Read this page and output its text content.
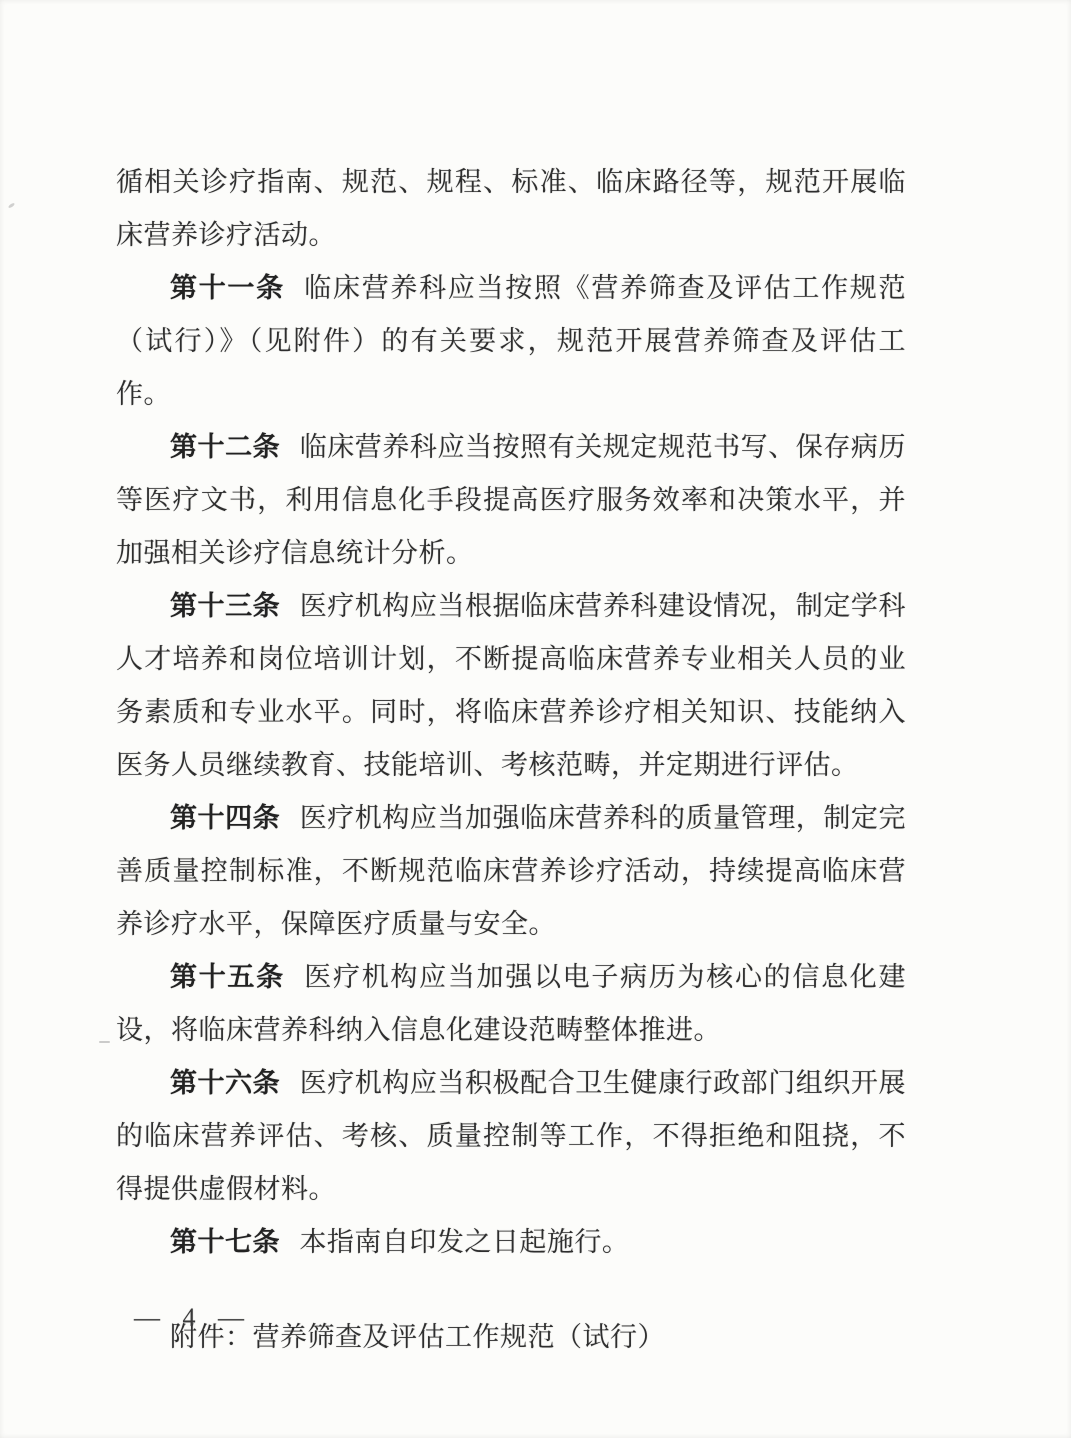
循相关诊疗指南、规范、规程、标准、临床路径等，规范开展临床营养诊疗活动。

第十一条 临床营养科应当按照《营养筛查及评估工作规范（试行）》（见附件）的有关要求，规范开展营养筛查及评估工作。

第十二条 临床营养科应当按照有关规定规范书写、保存病历等医疗文书，利用信息化手段提高医疗服务效率和决策水平，并加强相关诊疗信息统计分析。

第十三条 医疗机构应当根据临床营养科建设情况，制定学科人才培养和岗位培训计划，不断提高临床营养专业相关人员的业务素质和专业水平。同时，将临床营养诊疗相关知识、技能纳入医务人员继续教育、技能培训、考核范畴，并定期进行评估。

第十四条 医疗机构应当加强临床营养科的质量管理，制定完善质量控制标准，不断规范临床营养诊疗活动，持续提高临床营养诊疗水平，保障医疗质量与安全。

第十五条 医疗机构应当加强以电子病历为核心的信息化建设，将临床营养科纳入信息化建设范畴整体推进。

第十六条 医疗机构应当积极配合卫生健康行政部门组织开展的临床营养评估、考核、质量控制等工作，不得拒绝和阻挠，不得提供虚假材料。

第十七条 本指南自印发之日起施行。

附件：营养筛查及评估工作规范（试行）

— 4 —
